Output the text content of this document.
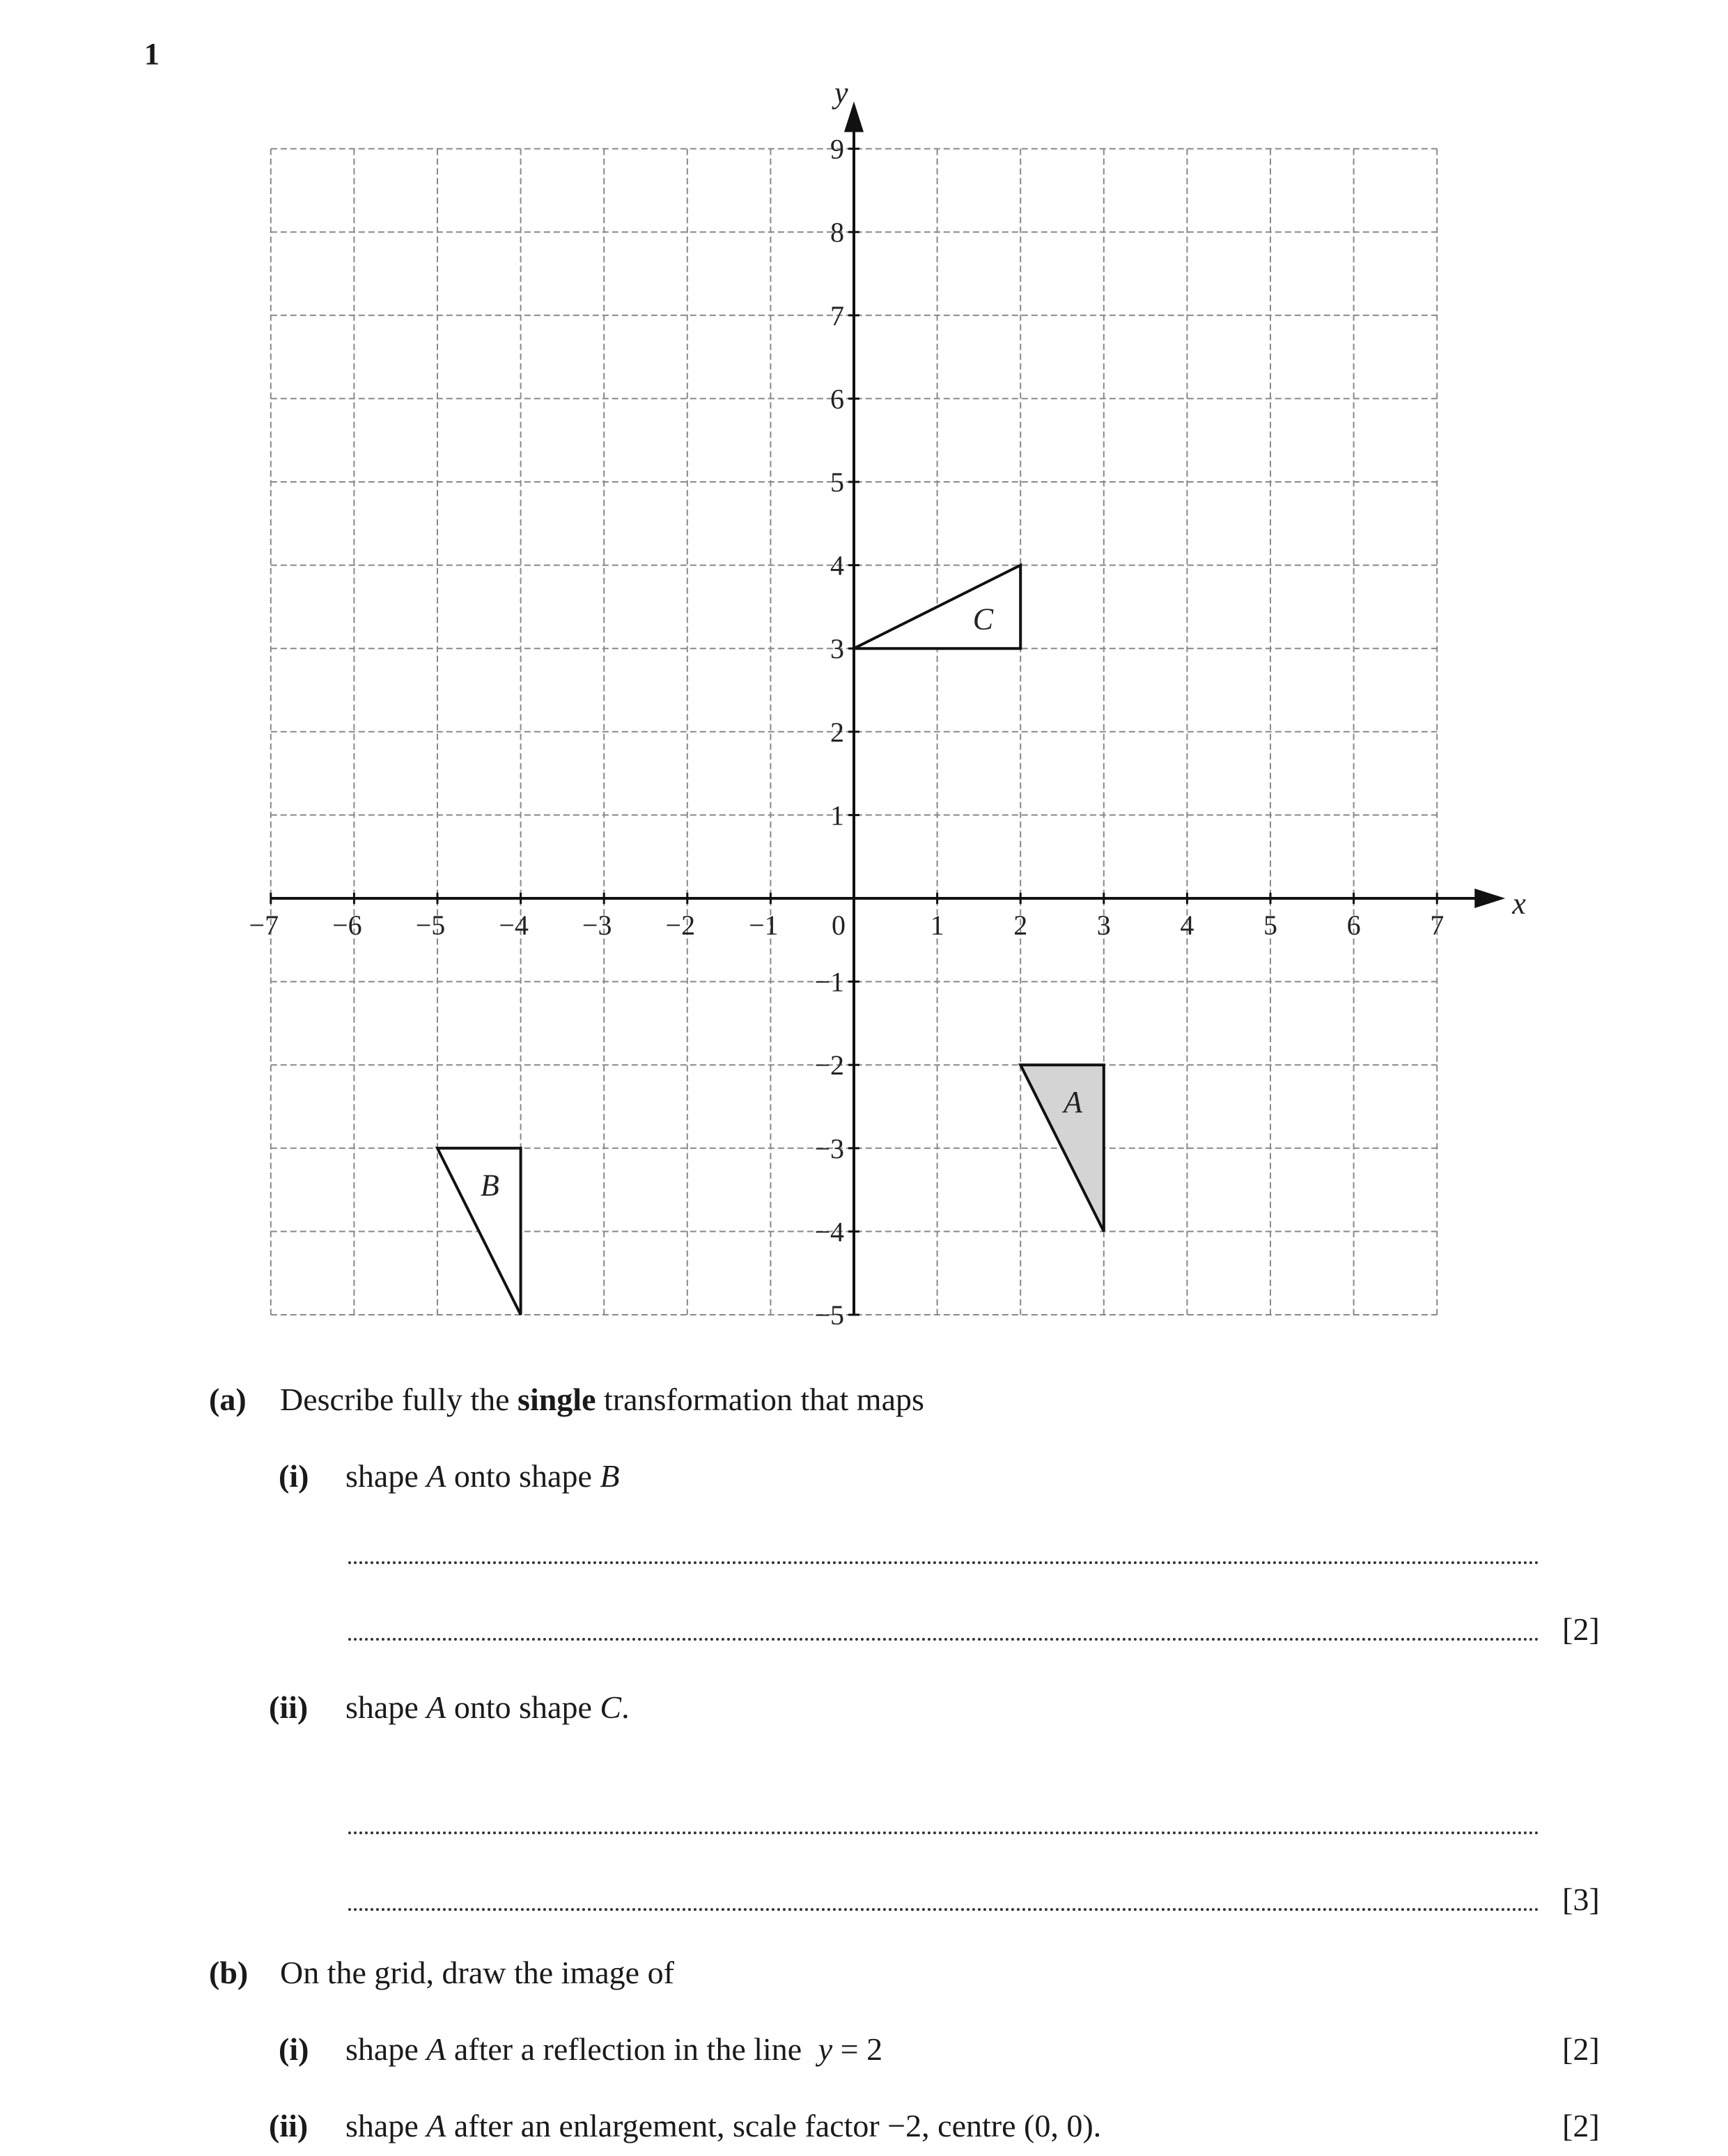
1
x
y
−7 −6 −5 −4 −3 −2 −1 0	1 2 3 4 5 6 7
1
2
3
4
5
6
7
8
9
−1
−2
−3
−4
−5
A
B
C
(a) Describe fully the single transformation that maps
(i) shape A onto shape B
[2]
(ii) shape A onto shape C.
[3]
(b) On the grid, draw the image of
(i) shape A after a reflection in the line y = 2	[2]
(ii) shape A after an enlargement, scale factor −2, centre (0, 0).	[2]
